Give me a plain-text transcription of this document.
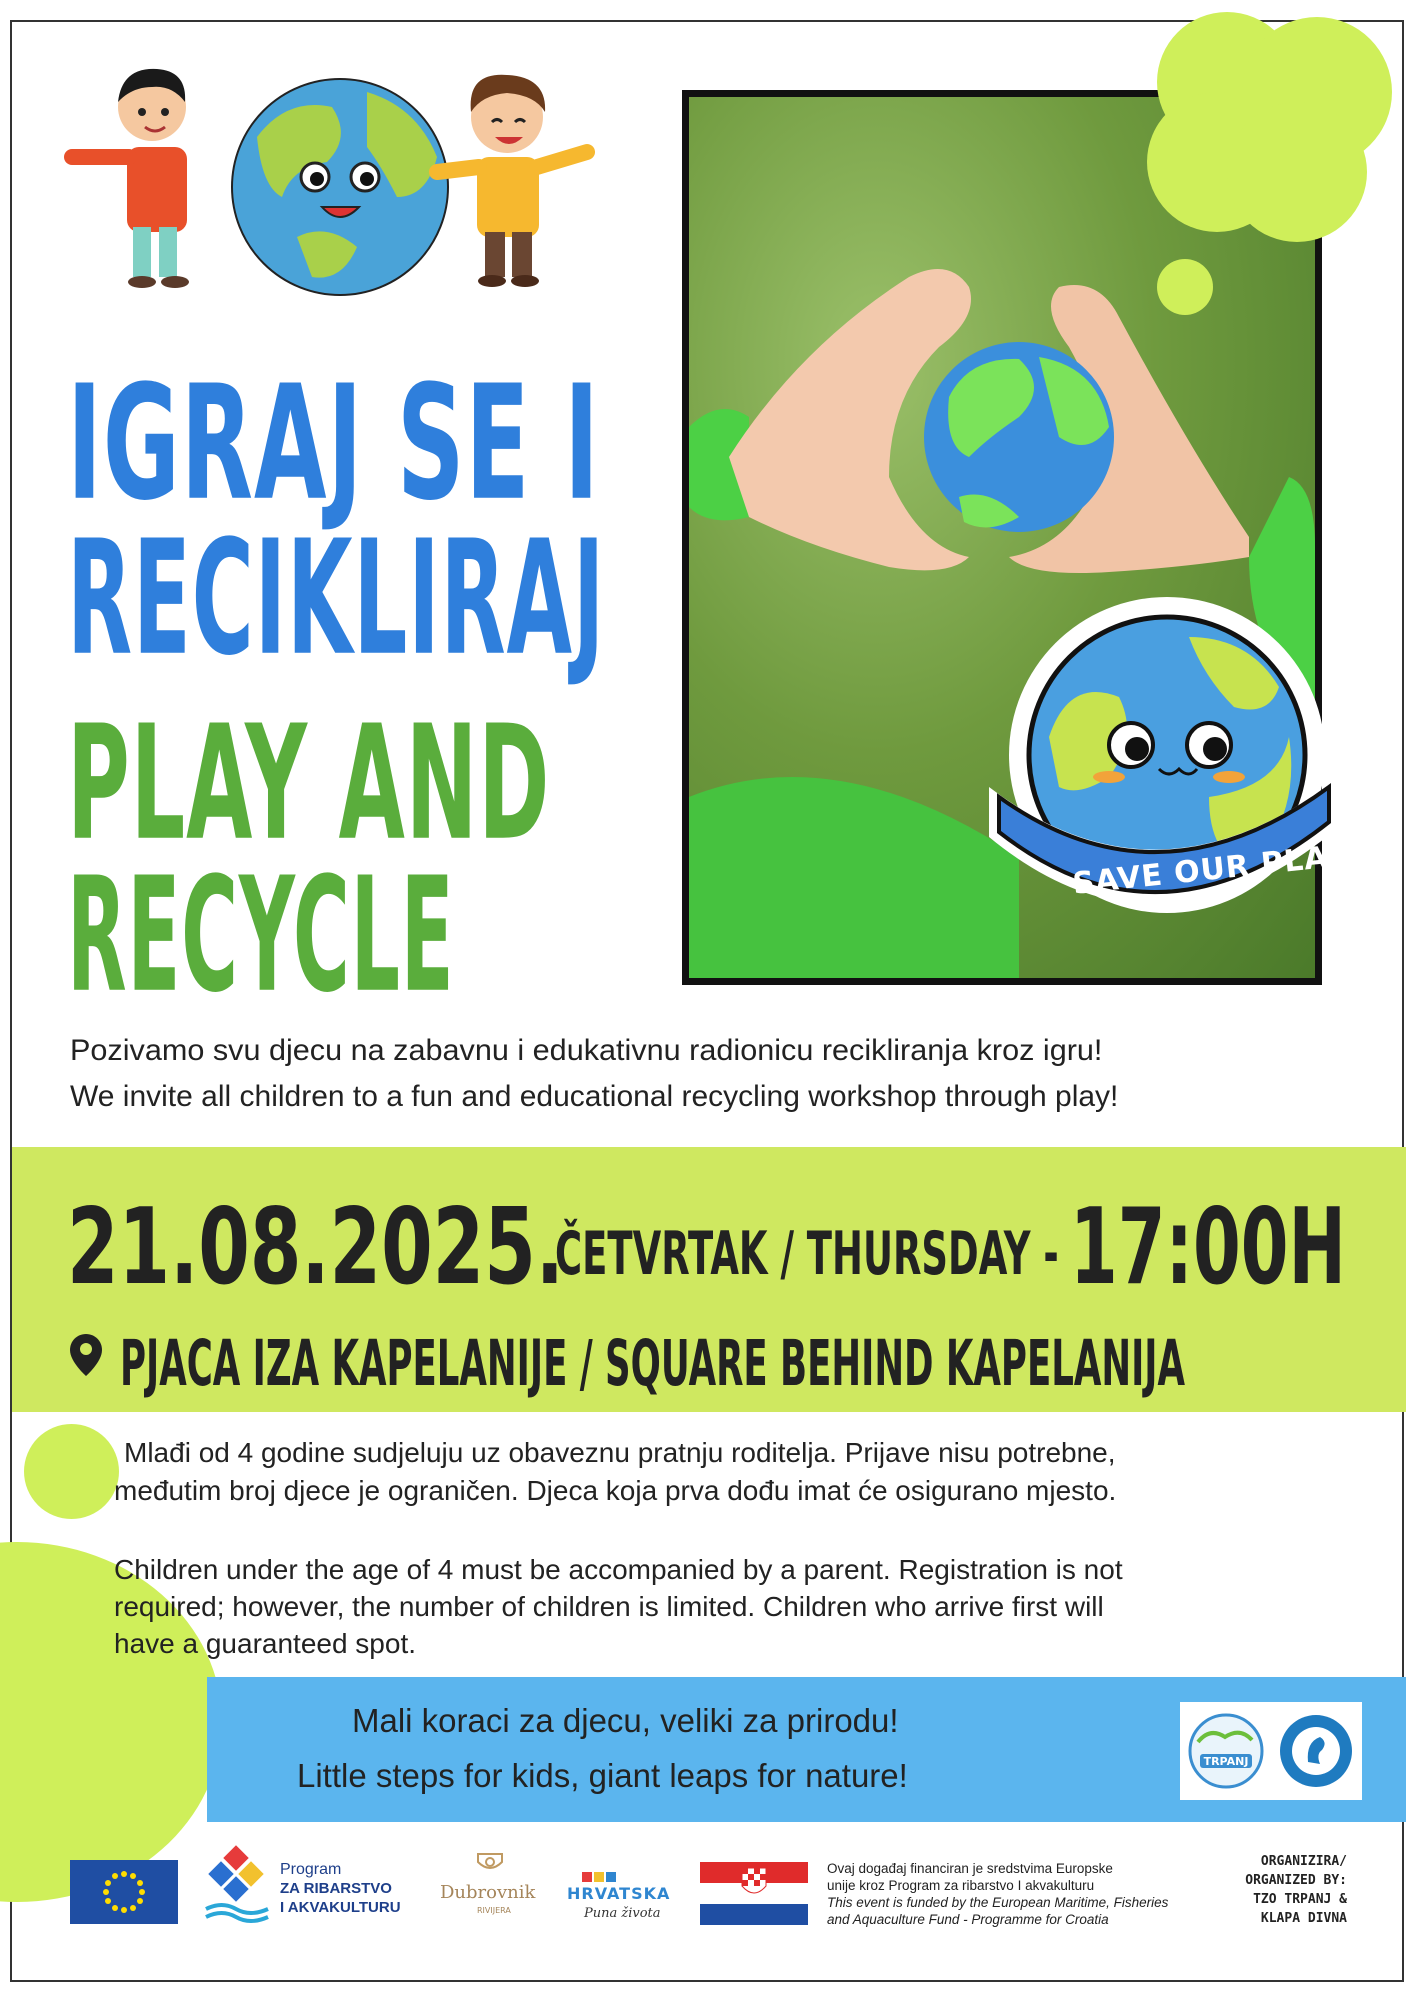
SAVE OUR PLANET
IGRAJ SE I
RECIKLIRAJ
PLAY AND
RECYCLE
Pozivamo svu djecu na zabavnu i edukativnu radionicu recikliranja kroz igru!
We invite all children to a fun and educational recycling workshop through play!
21.08.2025.
ČETVRTAK / THURSDAY - 17:00H
PJACA IZA KAPELANIJE / SQUARE BEHIND KAPELANIJA
Mlađi od 4 godine sudjeluju uz obaveznu pratnju roditelja. Prijave nisu potrebne,
međutim broj djece je ograničen. Djeca koja prva dođu imat će osigurano mjesto.
Children under the age of 4 must be accompanied by a parent. Registration is not
required; however, the number of children is limited. Children who arrive first will
have a guaranteed spot.
Mali koraci za djecu, veliki za prirodu!
Little steps for kids, giant leaps for nature!	TRPANJ
Program
ZA RIBARSTVO
I AKVAKULTURU
Dubrovnik
RIVIJERA
HRVATSKA
Puna života
Ovaj događaj financiran je sredstvima Europske
unije kroz Program za ribarstvo I akvakulturu
This event is funded by the European Maritime, Fisheries
and Aquaculture Fund - Programme for Croatia
ORGANIZIRA/
ORGANIZED BY:
TZO TRPANJ &
KLAPA DIVNA
